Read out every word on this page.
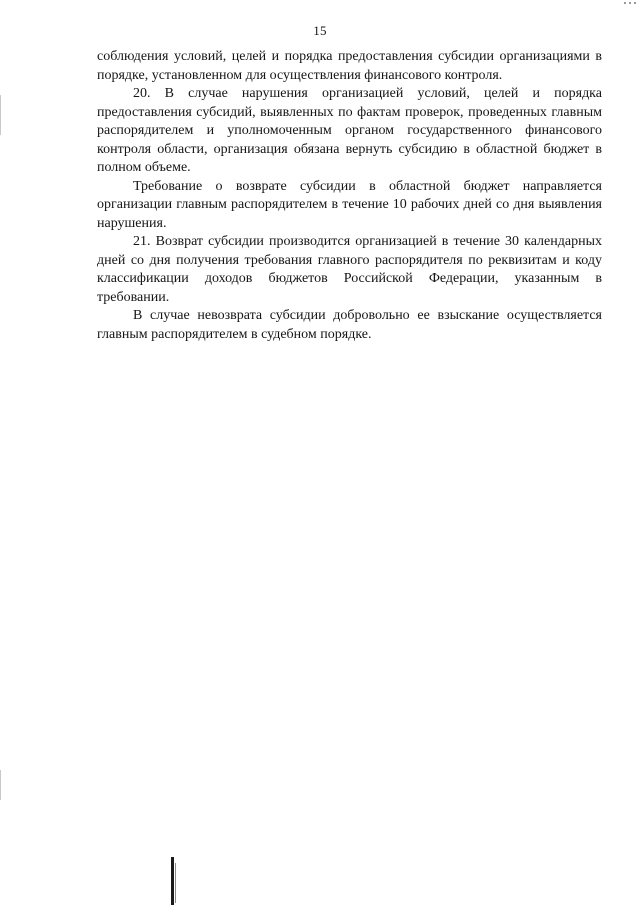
15

соблюдения условий, целей и порядка предоставления субсидии организациями в порядке, установленном для осуществления финансового контроля.

20. В случае нарушения организацией условий, целей и порядка предоставления субсидий, выявленных по фактам проверок, проведенных главным распорядителем и уполномоченным органом государственного финансового контроля области, организация обязана вернуть субсидию в областной бюджет в полном объеме.

Требование о возврате субсидии в областной бюджет направляется организации главным распорядителем в течение 10 рабочих дней со дня выявления нарушения.

21. Возврат субсидии производится организацией в течение 30 календарных дней со дня получения требования главного распорядителя по реквизитам и коду классификации доходов бюджетов Российской Федерации, указанным в требовании.

В случае невозврата субсидии добровольно ее взыскание осуществляется главным распорядителем в судебном порядке.
